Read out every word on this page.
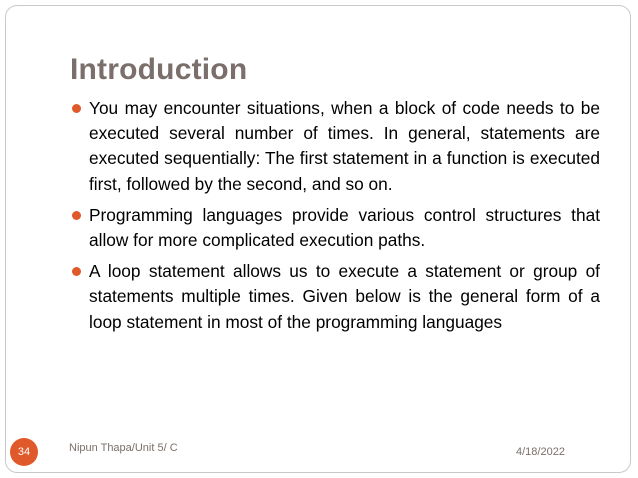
Introduction
You may encounter situations, when a block of code needs to be executed several number of times. In general, statements are executed sequentially: The first statement in a function is executed first, followed by the second, and so on.
Programming languages provide various control structures that allow for more complicated execution paths.
A loop statement allows us to execute a statement or group of statements multiple times. Given below is the general form of a loop statement in most of the programming languages
34	Nipun Thapa/Unit 5/ C	4/18/2022
